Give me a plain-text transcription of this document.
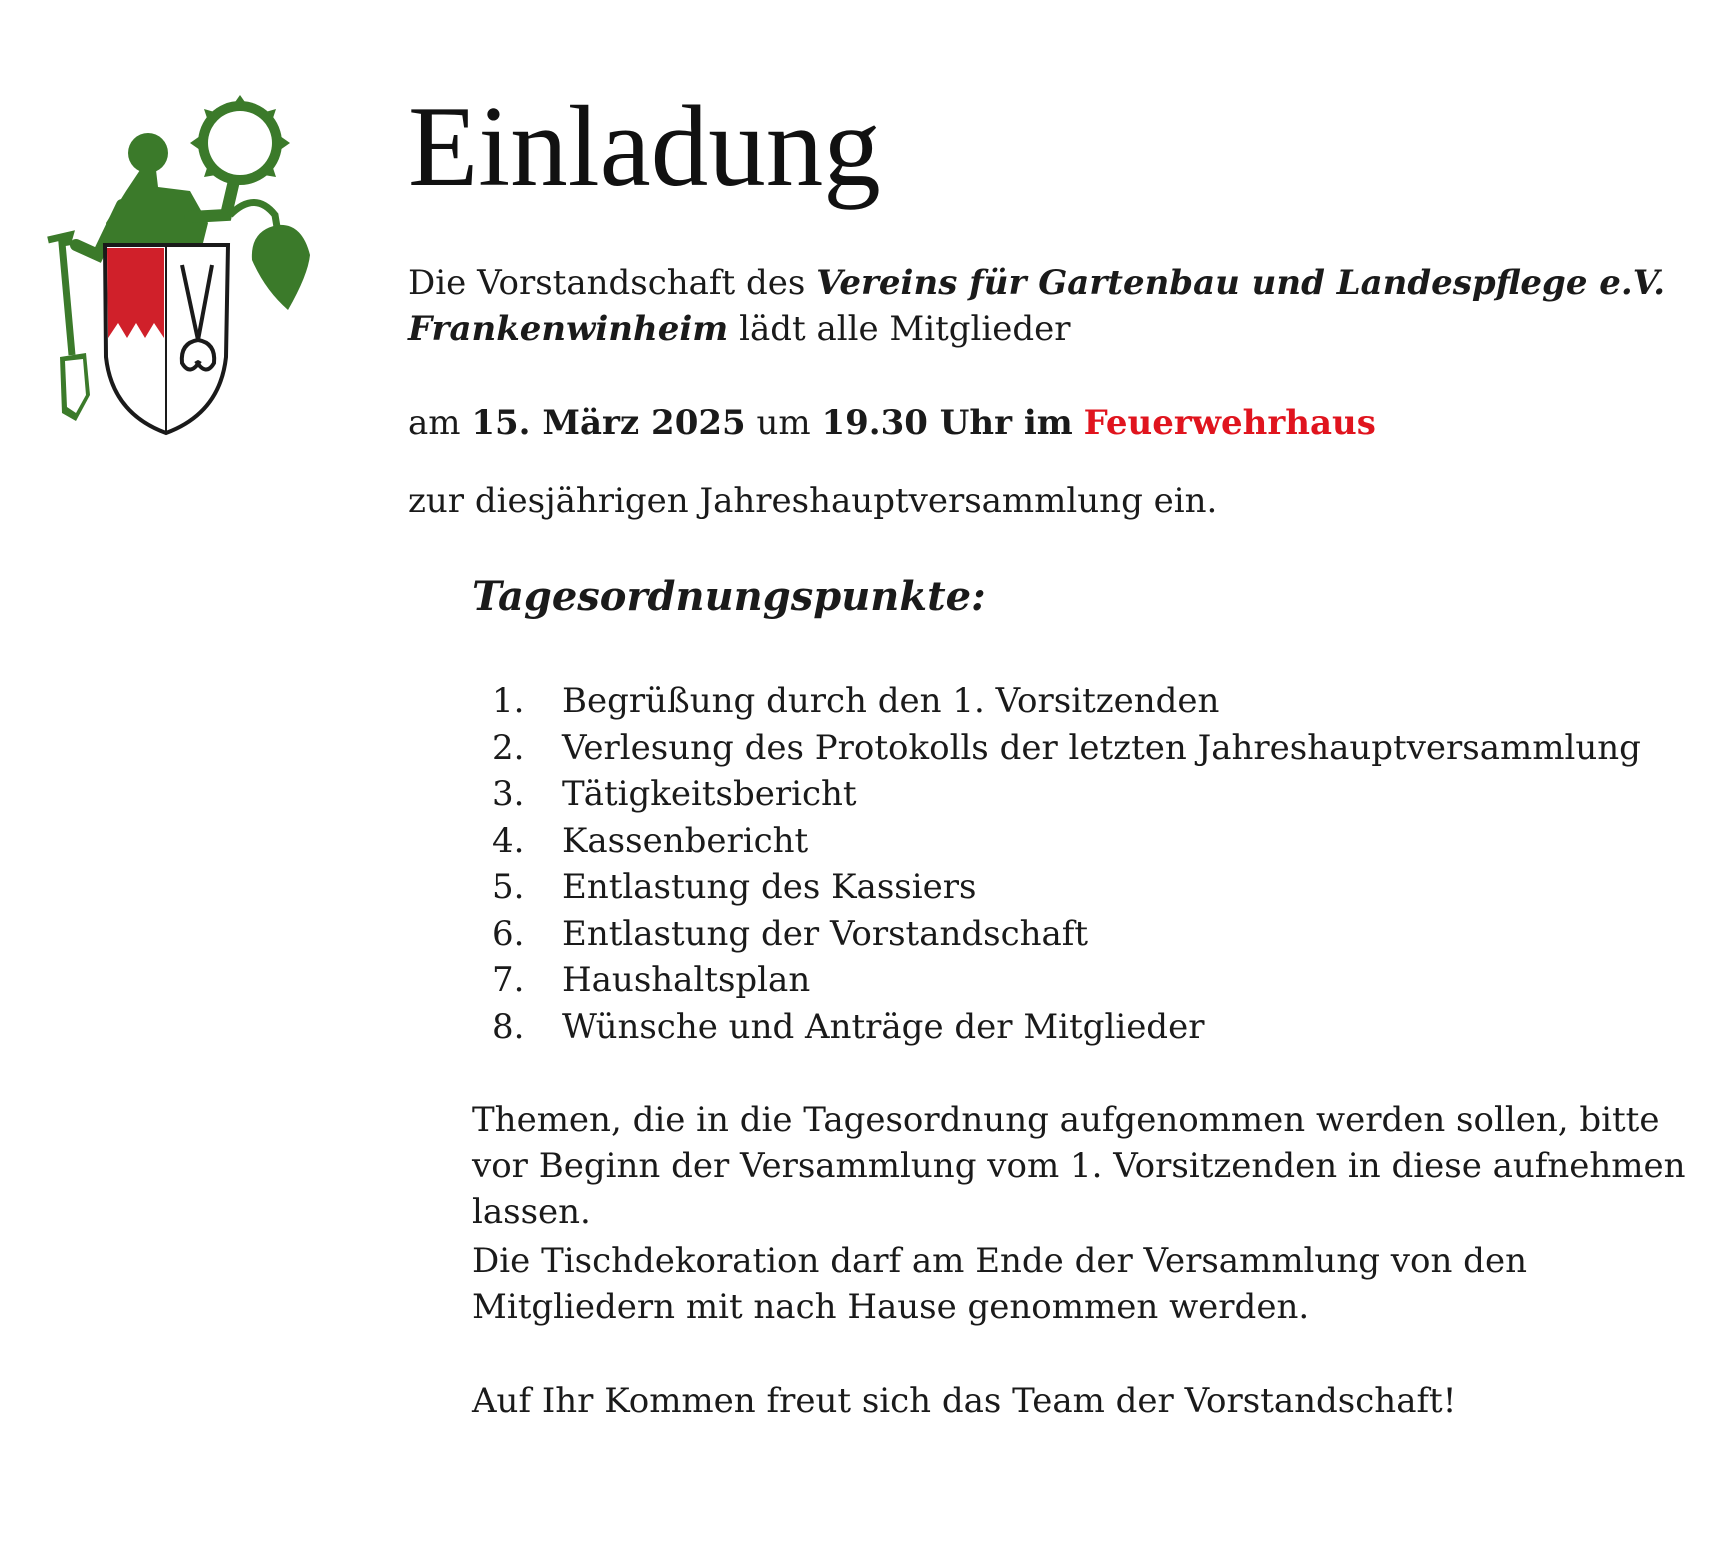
Einladung

Die Vorstandschaft des Vereins für Gartenbau und Landespflege e.V.
Frankenwinheim lädt alle Mitglieder

am 15. März 2025 um 19.30 Uhr im Feuerwehrhaus

zur diesjährigen Jahreshauptversammlung ein.

Tagesordnungspunkte:
1.	Begrüßung durch den 1. Vorsitzenden
2.	Verlesung des Protokolls der letzten Jahreshauptversammlung
3.	Tätigkeitsbericht
4.	Kassenbericht
5.	Entlastung des Kassiers
6.	Entlastung der Vorstandschaft
7.	Haushaltsplan
8.	Wünsche und Anträge der Mitglieder

Themen, die in die Tagesordnung aufgenommen werden sollen, bitte vor Beginn der Versammlung vom 1. Vorsitzenden in diese aufnehmen lassen.

Die Tischdekoration darf am Ende der Versammlung von den Mitgliedern mit nach Hause genommen werden.

Auf Ihr Kommen freut sich das Team der Vorstandschaft!
